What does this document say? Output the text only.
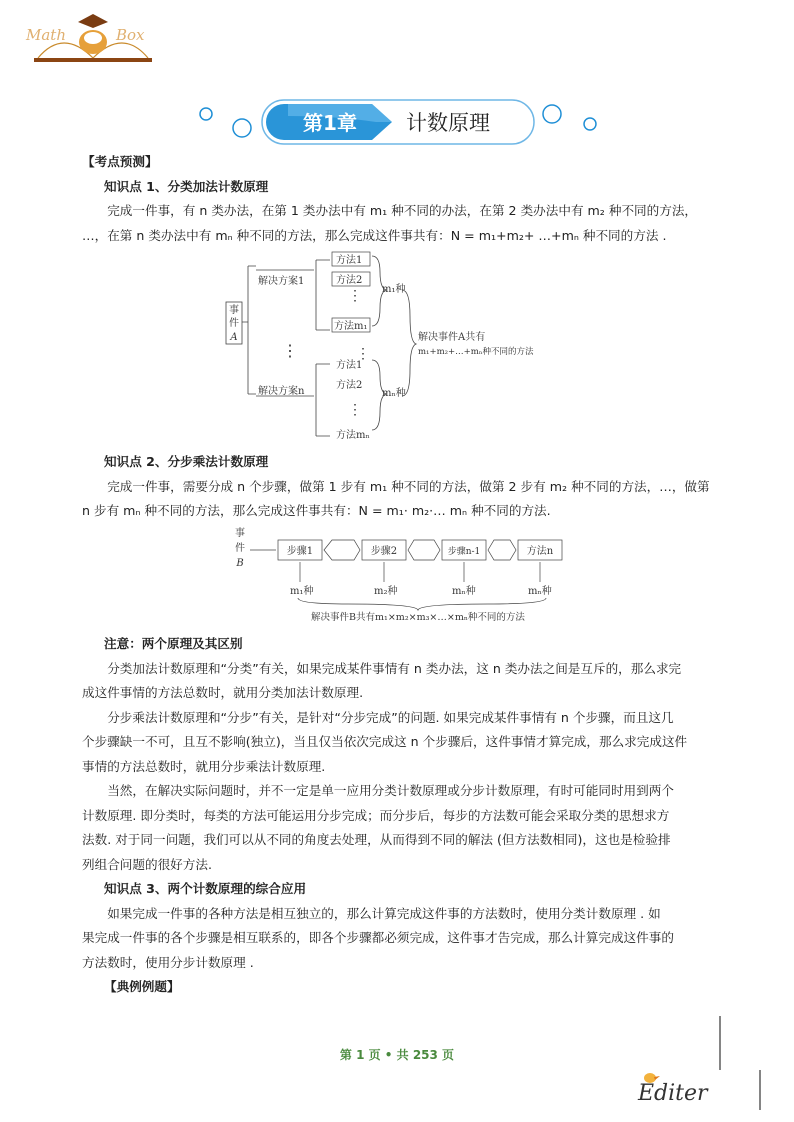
Math	Box
第1章 计数原理

【考点预测】

知识点 1、分类加法计数原理

完成一件事，有 n 类办法，在第 1 类办法中有 m₁ 种不同的办法，在第 2 类办法中有 m₂ 种不同的方法，

…，在第 n 类办法中有 mₙ 种不同的方法，那么完成这件事共有：N = m₁+m₂+ …+mₙ 种不同的方法 .

事
件
A
解决方案1
解决方案n
方法1
方法2
⋮
方法m₁
m₁种
⋮	⋮
方法1
方法2
⋮
方法mₙ
mₙ种
解决事件A共有
m₁+m₂+…+mₙ种不同的方法

知识点 2、分步乘法计数原理

完成一件事，需要分成 n 个步骤，做第 1 步有 m₁ 种不同的方法，做第 2 步有 m₂ 种不同的方法，…，做第

n 步有 mₙ 种不同的方法，那么完成这件事共有：N = m₁· m₂·… mₙ 种不同的方法.

事
件
B
步骤1	步骤2	步骤n-1	方法n
m₁种	m₂种	mₙ种	mₙ种
解决事件B共有m₁×m₂×m₃×…×mₙ种不同的方法

注意：两个原理及其区别

分类加法计数原理和“分类”有关，如果完成某件事情有 n 类办法，这 n 类办法之间是互斥的，那么求完

成这件事情的方法总数时，就用分类加法计数原理.

分步乘法计数原理和“分步”有关，是针对“分步完成”的问题. 如果完成某件事情有 n 个步骤，而且这几

个步骤缺一不可，且互不影响(独立)，当且仅当依次完成这 n 个步骤后，这件事情才算完成，那么求完成这件

事情的方法总数时，就用分步乘法计数原理.

当然，在解决实际问题时，并不一定是单一应用分类计数原理或分步计数原理，有时可能同时用到两个

计数原理. 即分类时，每类的方法可能运用分步完成；而分步后，每步的方法数可能会采取分类的思想求方

法数. 对于同一问题，我们可以从不同的角度去处理，从而得到不同的解法 (但方法数相同)，这也是检验排

列组合问题的很好方法.

知识点 3、两个计数原理的综合应用

如果完成一件事的各种方法是相互独立的，那么计算完成这件事的方法数时，使用分类计数原理 . 如

果完成一件事的各个步骤是相互联系的，即各个步骤都必须完成，这件事才告完成，那么计算完成这件事的

方法数时，使用分步计数原理 .

【典例例题】

第 1 页 • 共 253 页
Editer
